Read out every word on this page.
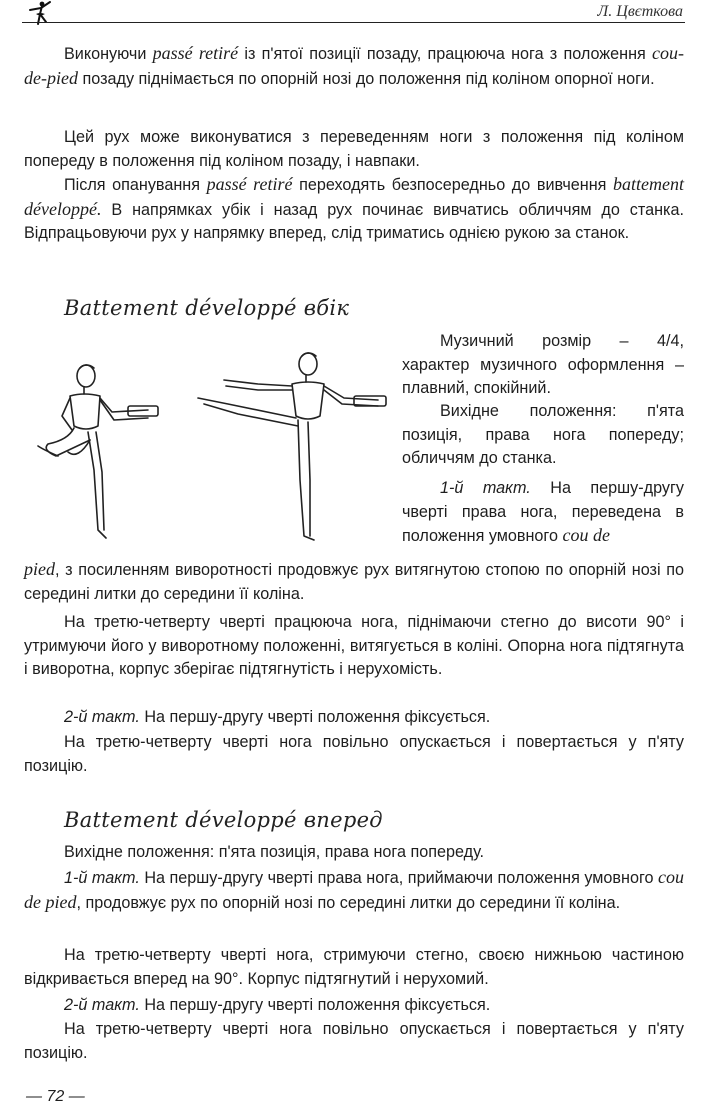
Л. Цвєткова
Виконуючи passé retiré із п'ятої позиції позаду, працююча нога з положення cou-de-pied позаду піднімається по опорній нозі до положення під коліном опорної ноги.
Цей рух може виконуватися з переведенням ноги з положення під коліном попереду в положення під коліном позаду, і навпаки.
Після опанування passé retiré переходять безпосередньо до вивчення battement développé. В напрямках убік і назад рух починає вивчатись обличчям до станка. Відпрацьовуючи рух у напрямку вперед, слід триматись однією рукою за станок.
Battement développé вбік
Музичний розмір – 4/4, характер музичного оформлення – плавний, спокійний.
Вихідне положення: п'ята позиція, права нога попереду; обличчям до станка.
1-й такт. На першу-другу чверті права нога, переведена в положення умовного cou de
pied, з посиленням виворотності продовжує рух витягнутою стопою по опорній нозі по середині литки до середини її коліна.
На третю-четверту чверті працююча нога, піднімаючи стегно до висоти 90° і утримуючи його у виворотному положенні, витягується в коліні. Опорна нога підтягнута і виворотна, корпус зберігає підтягнутість і нерухомість.
2-й такт. На першу-другу чверті положення фіксується.
На третю-четверту чверті нога повільно опускається і повертається у п'яту позицію.
Battement développé вперед
Вихідне положення: п'ята позиція, права нога попереду.
1-й такт. На першу-другу чверті права нога, приймаючи положення умовного cou de pied, продовжує рух по опорній нозі по середині литки до середини її коліна.
На третю-четверту чверті нога, стримуючи стегно, своєю нижньою частиною відкривається вперед на 90°. Корпус підтягнутий і нерухомий.
2-й такт. На першу-другу чверті положення фіксується.
На третю-четверту чверті нога повільно опускається і повертається у п'яту позицію.
— 72 —
